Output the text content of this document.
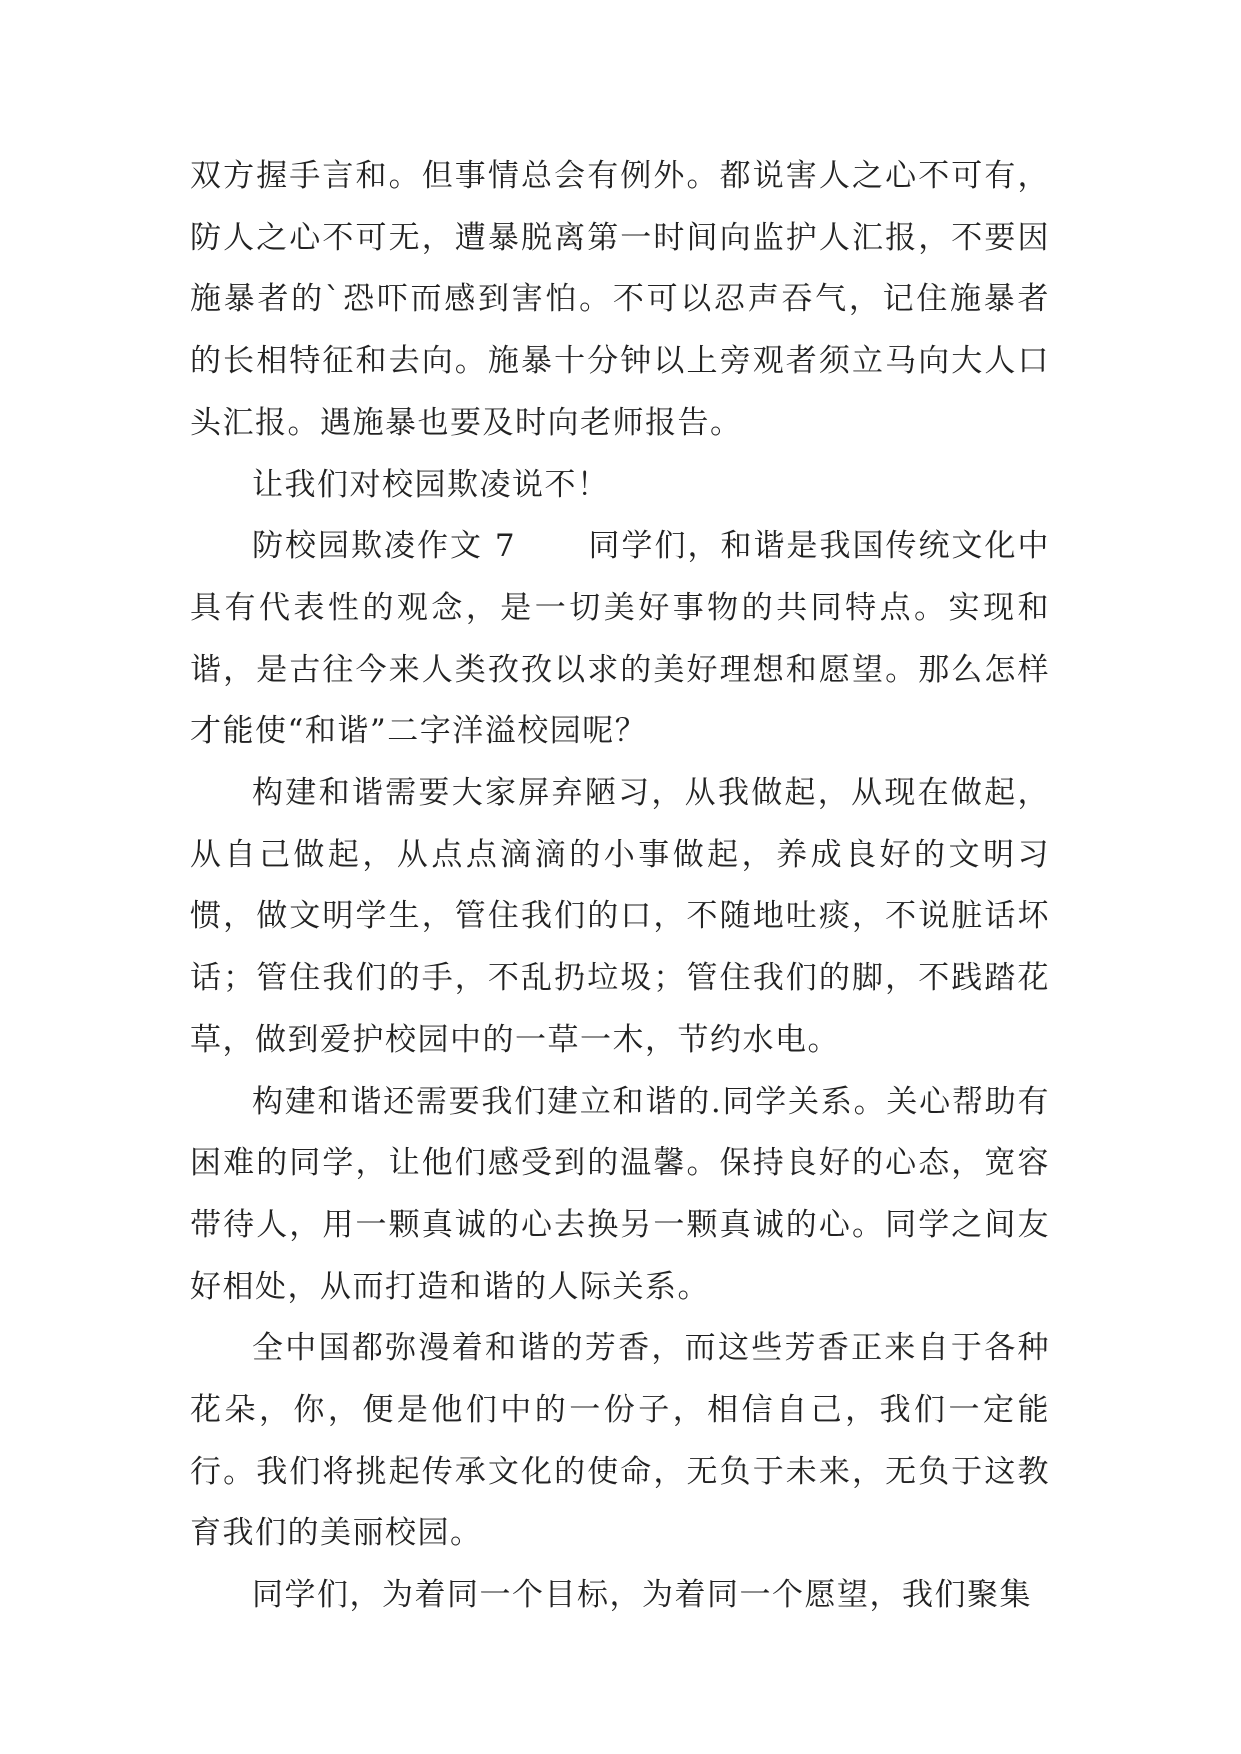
双方握手言和。但事情总会有例外。都说害人之心不可有，防人之心不可无，遭暴脱离第一时间向监护人汇报，不要因施暴者的`恐吓而感到害怕。不可以忍声吞气，记住施暴者的长相特征和去向。施暴十分钟以上旁观者须立马向大人口头汇报。遇施暴也要及时向老师报告。

让我们对校园欺凌说不！

防校园欺凌作文 7 同学们，和谐是我国传统文化中具有代表性的观念，是一切美好事物的共同特点。实现和谐，是古往今来人类孜孜以求的美好理想和愿望。那么怎样才能使“和谐”二字洋溢校园呢？

构建和谐需要大家屏弃陋习，从我做起，从现在做起，从自己做起，从点点滴滴的小事做起，养成良好的文明习惯，做文明学生，管住我们的口，不随地吐痰，不说脏话坏话；管住我们的手，不乱扔垃圾；管住我们的脚，不践踏花草，做到爱护校园中的一草一木，节约水电。

构建和谐还需要我们建立和谐的.同学关系。关心帮助有困难的同学，让他们感受到的温馨。保持良好的心态，宽容带待人，用一颗真诚的心去换另一颗真诚的心。同学之间友好相处，从而打造和谐的人际关系。

全中国都弥漫着和谐的芳香，而这些芳香正来自于各种花朵，你，便是他们中的一份子，相信自己，我们一定能行。我们将挑起传承文化的使命，无负于未来，无负于这教育我们的美丽校园。

同学们，为着同一个目标，为着同一个愿望，我们聚集
